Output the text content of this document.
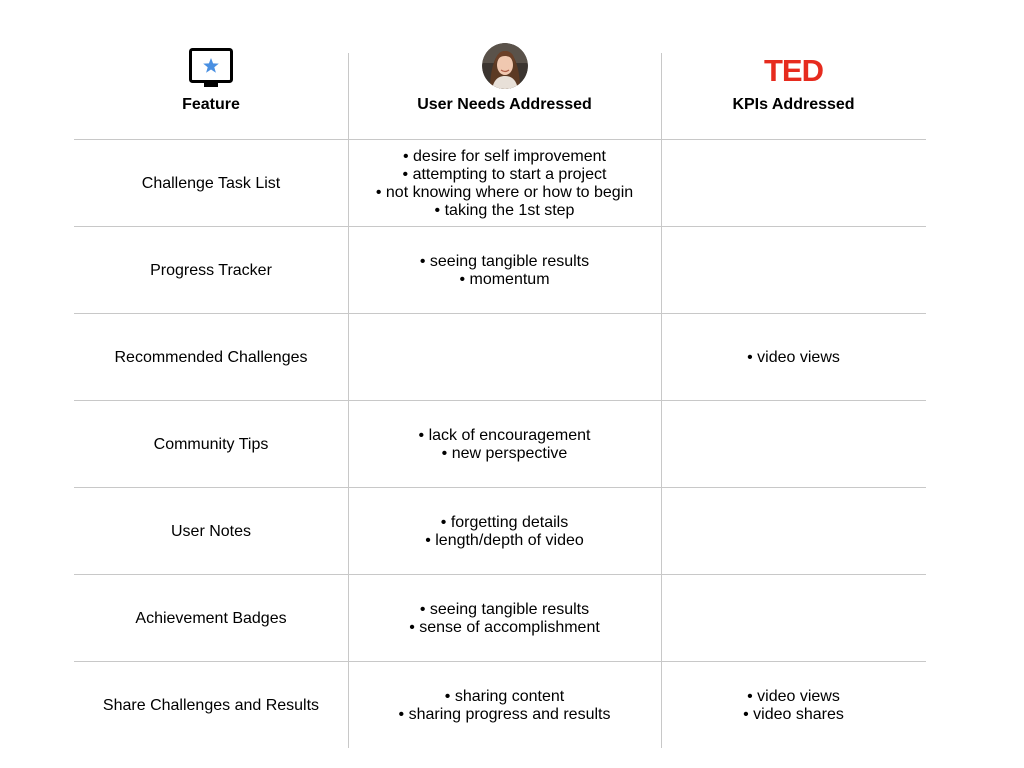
Feature	User Needs Addressed
TED
KPIs Addressed
Challenge Task List
• desire for self improvement
• attempting to start a project
• not knowing where or how to begin
• taking the 1st step
Progress Tracker
• seeing tangible results
• momentum
Recommended Challenges	• video views
Community Tips
• lack of encouragement
• new perspective
User Notes
• forgetting details
• length/depth of video
Achievement Badges
• seeing tangible results
• sense of accomplishment
Share Challenges and Results
• sharing content
• sharing progress and results
• video views
• video shares
